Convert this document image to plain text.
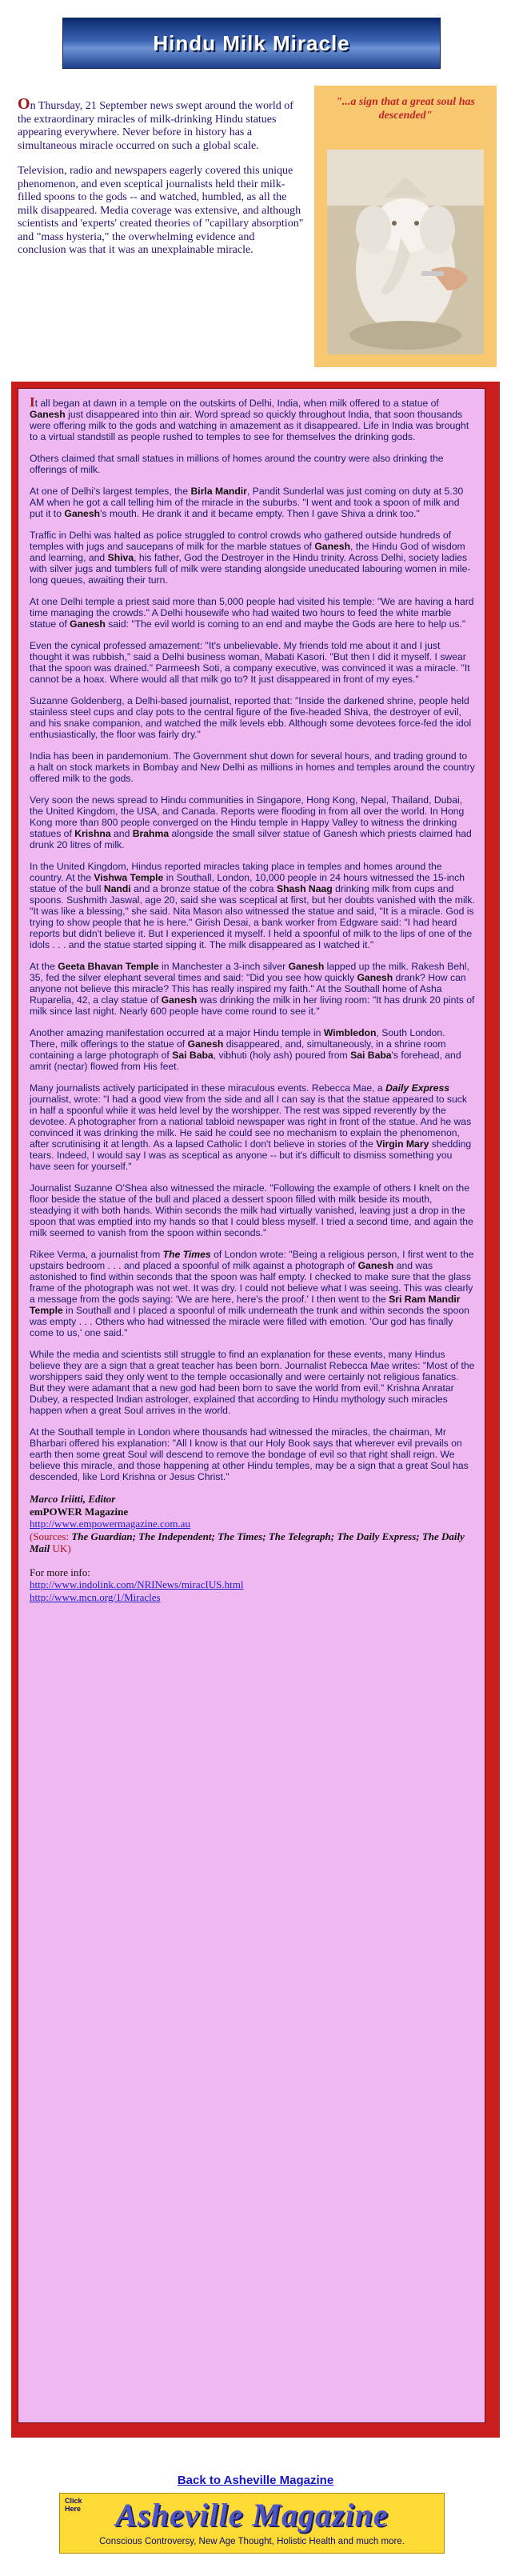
Hindu Milk Miracle

On Thursday, 21 September news swept around the world of the extraordinary miracles of milk-drinking Hindu statues appearing everywhere. Never before in history has a simultaneous miracle occurred on such a global scale.

Television, radio and newspapers eagerly covered this unique phenomenon, and even sceptical journalists held their milk-filled spoons to the gods -- and watched, humbled, as all the milk disappeared. Media coverage was extensive, and although scientists and 'experts' created theories of "capillary absorption" and "mass hysteria," the overwhelming evidence and conclusion was that it was an unexplainable miracle.

"...a sign that a great soul has descended"

It all began at dawn in a temple on the outskirts of Delhi, India, when milk offered to a statue of Ganesh just disappeared into thin air. Word spread so quickly throughout India, that soon thousands were offering milk to the gods and watching in amazement as it disappeared. Life in India was brought to a virtual standstill as people rushed to temples to see for themselves the drinking gods.

Others claimed that small statues in millions of homes around the country were also drinking the offerings of milk.

At one of Delhi's largest temples, the Birla Mandir, Pandit Sunderlal was just coming on duty at 5.30 AM when he got a call telling him of the miracle in the suburbs. "I went and took a spoon of milk and put it to Ganesh's mouth. He drank it and it became empty. Then I gave Shiva a drink too."

Traffic in Delhi was halted as police struggled to control crowds who gathered outside hundreds of temples with jugs and saucepans of milk for the marble statues of Ganesh, the Hindu God of wisdom and learning, and Shiva, his father, God the Destroyer in the Hindu trinity. Across Delhi, society ladies with silver jugs and tumblers full of milk were standing alongside uneducated labouring women in mile-long queues, awaiting their turn.

At one Delhi temple a priest said more than 5,000 people had visited his temple: "We are having a hard time managing the crowds." A Delhi housewife who had waited two hours to feed the white marble statue of Ganesh said: "The evil world is coming to an end and maybe the Gods are here to help us."

Even the cynical professed amazement: "It's unbelievable. My friends told me about it and I just thought it was rubbish," said a Delhi business woman, Mabati Kasori. "But then I did it myself. I swear that the spoon was drained." Parmeesh Soti, a company executive, was convinced it was a miracle. "It cannot be a hoax. Where would all that milk go to? It just disappeared in front of my eyes."

Suzanne Goldenberg, a Delhi-based journalist, reported that: "Inside the darkened shrine, people held stainless steel cups and clay pots to the central figure of the five-headed Shiva, the destroyer of evil, and his snake companion, and watched the milk levels ebb. Although some devotees force-fed the idol enthusiastically, the floor was fairly dry."

India has been in pandemonium. The Government shut down for several hours, and trading ground to a halt on stock markets in Bombay and New Delhi as millions in homes and temples around the country offered milk to the gods.

Very soon the news spread to Hindu communities in Singapore, Hong Kong, Nepal, Thailand, Dubai, the United Kingdom, the USA, and Canada. Reports were flooding in from all over the world. In Hong Kong more than 800 people converged on the Hindu temple in Happy Valley to witness the drinking statues of Krishna and Brahma alongside the small silver statue of Ganesh which priests claimed had drunk 20 litres of milk.

In the United Kingdom, Hindus reported miracles taking place in temples and homes around the country. At the Vishwa Temple in Southall, London, 10,000 people in 24 hours witnessed the 15-inch statue of the bull Nandi and a bronze statue of the cobra Shash Naag drinking milk from cups and spoons. Sushmith Jaswal, age 20, said she was sceptical at first, but her doubts vanished with the milk. "It was like a blessing," she said. Nita Mason also witnessed the statue and said, "It is a miracle. God is trying to show people that he is here." Girish Desai, a bank worker from Edgware said: "I had heard reports but didn't believe it. But I experienced it myself. I held a spoonful of milk to the lips of one of the idols . . . and the statue started sipping it. The milk disappeared as I watched it."

At the Geeta Bhavan Temple in Manchester a 3-inch silver Ganesh lapped up the milk. Rakesh Behl, 35, fed the silver elephant several times and said: "Did you see how quickly Ganesh drank? How can anyone not believe this miracle? This has really inspired my faith." At the Southall home of Asha Ruparelia, 42, a clay statue of Ganesh was drinking the milk in her living room: "It has drunk 20 pints of milk since last night. Nearly 600 people have come round to see it."

Another amazing manifestation occurred at a major Hindu temple in Wimbledon, South London. There, milk offerings to the statue of Ganesh disappeared, and, simultaneously, in a shrine room containing a large photograph of Sai Baba, vibhuti (holy ash) poured from Sai Baba's forehead, and amrit (nectar) flowed from His feet.

Many journalists actively participated in these miraculous events. Rebecca Mae, a Daily Express journalist, wrote: "I had a good view from the side and all I can say is that the statue appeared to suck in half a spoonful while it was held level by the worshipper. The rest was sipped reverently by the devotee. A photographer from a national tabloid newspaper was right in front of the statue. And he was convinced it was drinking the milk. He said he could see no mechanism to explain the phenomenon, after scrutinising it at length. As a lapsed Catholic I don't believe in stories of the Virgin Mary shedding tears. Indeed, I would say I was as sceptical as anyone -- but it's difficult to dismiss something you have seen for yourself."

Journalist Suzanne O'Shea also witnessed the miracle. "Following the example of others I knelt on the floor beside the statue of the bull and placed a dessert spoon filled with milk beside its mouth, steadying it with both hands. Within seconds the milk had virtually vanished, leaving just a drop in the spoon that was emptied into my hands so that I could bless myself. I tried a second time, and again the milk seemed to vanish from the spoon within seconds."

Rikee Verma, a journalist from The Times of London wrote: "Being a religious person, I first went to the upstairs bedroom . . . and placed a spoonful of milk against a photograph of Ganesh and was astonished to find within seconds that the spoon was half empty. I checked to make sure that the glass frame of the photograph was not wet. It was dry. I could not believe what I was seeing. This was clearly a message from the gods saying: 'We are here, here's the proof.' I then went to the Sri Ram Mandir Temple in Southall and I placed a spoonful of milk underneath the trunk and within seconds the spoon was empty . . . Others who had witnessed the miracle were filled with emotion. 'Our god has finally come to us,' one said."

While the media and scientists still struggle to find an explanation for these events, many Hindus believe they are a sign that a great teacher has been born. Journalist Rebecca Mae writes: "Most of the worshippers said they only went to the temple occasionally and were certainly not religious fanatics. But they were adamant that a new god had been born to save the world from evil." Krishna Anratar Dubey, a respected Indian astrologer, explained that according to Hindu mythology such miracles happen when a great Soul arrives in the world.

At the Southall temple in London where thousands had witnessed the miracles, the chairman, Mr Bharbari offered his explanation: "All I know is that our Holy Book says that wherever evil prevails on earth then some great Soul will descend to remove the bondage of evil so that right shall reign. We believe this miracle, and those happening at other Hindu temples, may be a sign that a great Soul has descended, like Lord Krishna or Jesus Christ."

Marco Iriitti, Editor
emPOWER Magazine
http://www.empowermagazine.com.au
(Sources: The Guardian; The Independent; The Times; The Telegraph; The Daily Express; The Daily Mail UK)
For more info:
http://www.indolink.com/NRINews/miracIUS.html
http://www.mcn.org/1/Miracles
Back to Asheville Magazine
Click Here	Asheville Magazine
Conscious Controversy, New Age Thought, Holistic Health and much more.
